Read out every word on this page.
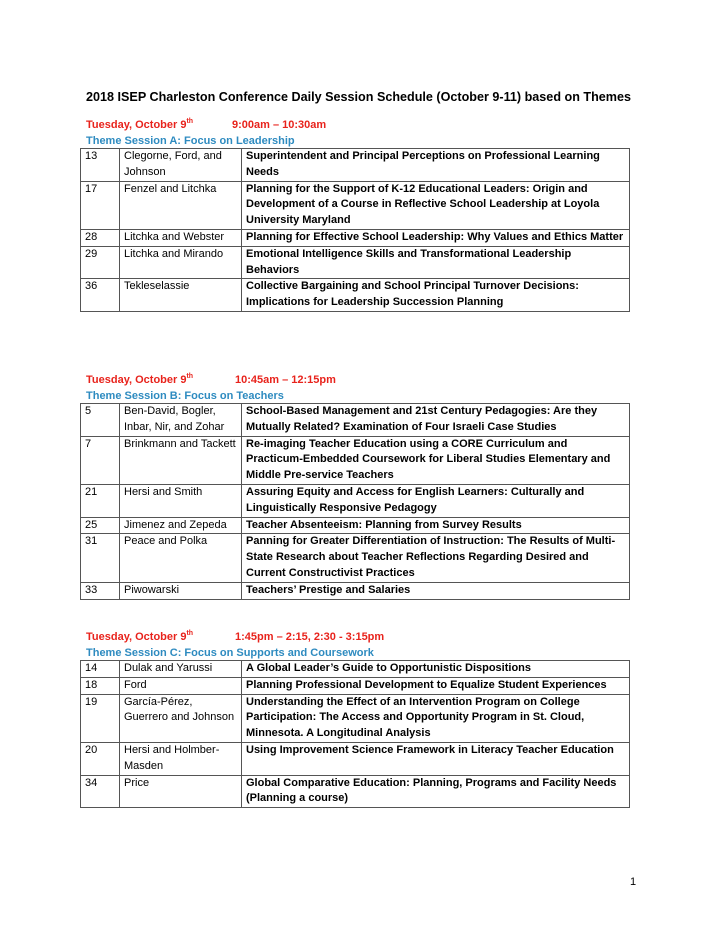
2018 ISEP Charleston Conference Daily Session Schedule (October 9-11) based on Themes
Tuesday, October 9th	9:00am – 10:30am
Theme Session A: Focus on Leadership
13	Clegorne, Ford, and Johnson	Superintendent and Principal Perceptions on Professional Learning Needs
17	Fenzel and Litchka	Planning for the Support of K-12 Educational Leaders: Origin and Development of a Course in Reflective School Leadership at Loyola University Maryland
28	Litchka and Webster	Planning for Effective School Leadership: Why Values and Ethics Matter
29	Litchka and Mirando	Emotional Intelligence Skills and Transformational Leadership Behaviors
36	Tekleselassie	Collective Bargaining and School Principal Turnover Decisions: Implications for Leadership Succession Planning
Tuesday, October 9th	10:45am – 12:15pm
Theme Session B: Focus on Teachers
5	Ben-David, Bogler, Inbar, Nir, and Zohar	School-Based Management and 21st Century Pedagogies: Are they Mutually Related? Examination of Four Israeli Case Studies
7	Brinkmann and Tackett	Re-imaging Teacher Education using a CORE Curriculum and Practicum-Embedded Coursework for Liberal Studies Elementary and Middle Pre-service Teachers
21	Hersi and Smith	Assuring Equity and Access for English Learners: Culturally and Linguistically Responsive Pedagogy
25	Jimenez and Zepeda	Teacher Absenteeism: Planning from Survey Results
31	Peace and Polka	Panning for Greater Differentiation of Instruction: The Results of Multi-State Research about Teacher Reflections Regarding Desired and Current Constructivist Practices
33	Piwowarski	Teachers’ Prestige and Salaries
Tuesday, October 9th	1:45pm – 2:15, 2:30 - 3:15pm
Theme Session C: Focus on Supports and Coursework
14	Dulak and Yarussi	A Global Leader’s Guide to Opportunistic Dispositions
18	Ford	Planning Professional Development to Equalize Student Experiences
19	García-Pérez, Guerrero and Johnson	Understanding the Effect of an Intervention Program on College Participation: The Access and Opportunity Program in St. Cloud, Minnesota. A Longitudinal Analysis
20	Hersi and Holmber-Masden	Using Improvement Science Framework in Literacy Teacher Education
34	Price	Global Comparative Education: Planning, Programs and Facility Needs (Planning a course)
1
